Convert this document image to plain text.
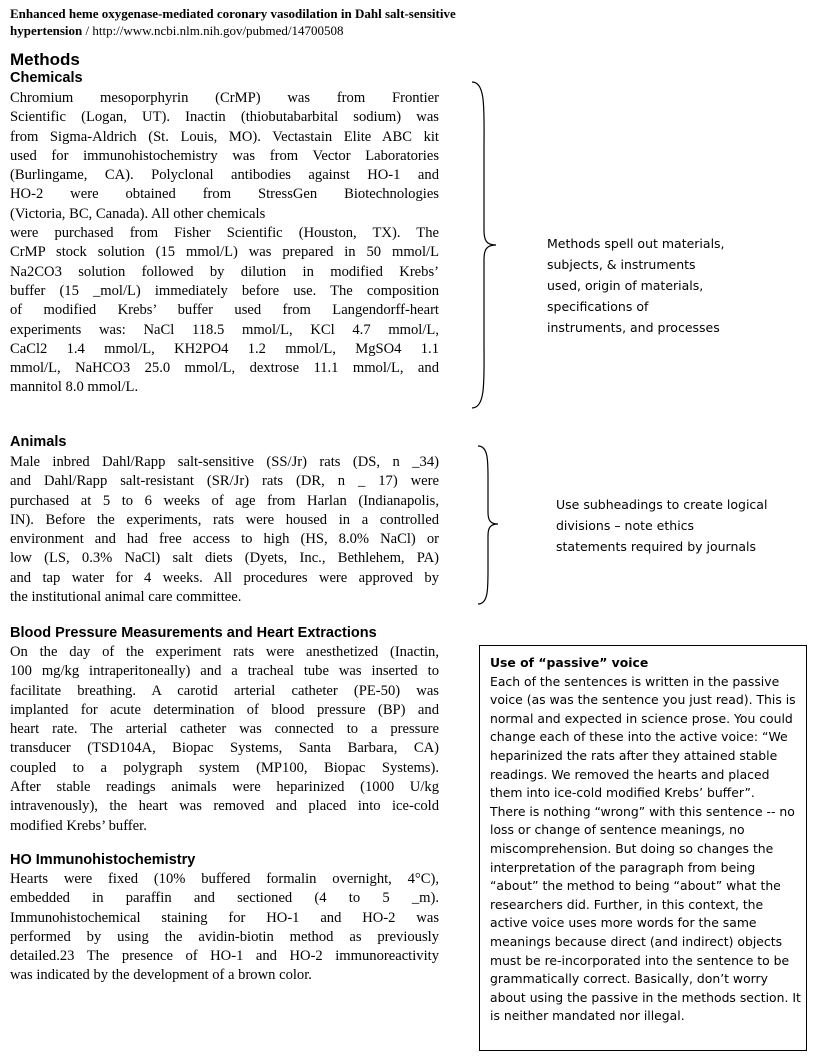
Enhanced heme oxygenase-mediated coronary vasodilation in Dahl salt-sensitive
hypertension / http://www.ncbi.nlm.nih.gov/pubmed/14700508
Methods
Chemicals
Chromium mesoporphyrin (CrMP) was from Frontier
Scientific (Logan, UT). Inactin (thiobutabarbital sodium) was
from Sigma-Aldrich (St. Louis, MO). Vectastain Elite ABC kit
used for immunohistochemistry was from Vector Laboratories
(Burlingame, CA). Polyclonal antibodies against HO-1 and
HO-2 were obtained from StressGen Biotechnologies
(Victoria, BC, Canada). All other chemicals
were purchased from Fisher Scientific (Houston, TX). The
CrMP stock solution (15 mmol/L) was prepared in 50 mmol/L
Na2CO3 solution followed by dilution in modified Krebs’
buffer (15 _mol/L) immediately before use. The composition
of modified Krebs’ buffer used from Langendorff-heart
experiments was: NaCl 118.5 mmol/L, KCl 4.7 mmol/L,
CaCl2 1.4 mmol/L, KH2PO4 1.2 mmol/L, MgSO4 1.1
mmol/L, NaHCO3 25.0 mmol/L, dextrose 11.1 mmol/L, and
mannitol 8.0 mmol/L.
Methods spell out materials,
subjects, & instruments
used, origin of materials,
specifications of
instruments, and processes
Animals
Male inbred Dahl/Rapp salt-sensitive (SS/Jr) rats (DS, n _34)
and Dahl/Rapp salt-resistant (SR/Jr) rats (DR, n _ 17) were
purchased at 5 to 6 weeks of age from Harlan (Indianapolis,
IN). Before the experiments, rats were housed in a controlled
environment and had free access to high (HS, 8.0% NaCl) or
low (LS, 0.3% NaCl) salt diets (Dyets, Inc., Bethlehem, PA)
and tap water for 4 weeks. All procedures were approved by
the institutional animal care committee.
Use subheadings to create logical
divisions – note ethics
statements required by journals
Blood Pressure Measurements and Heart Extractions
On the day of the experiment rats were anesthetized (Inactin,
100 mg/kg intraperitoneally) and a tracheal tube was inserted to
facilitate breathing. A carotid arterial catheter (PE-50) was
implanted for acute determination of blood pressure (BP) and
heart rate. The arterial catheter was connected to a pressure
transducer (TSD104A, Biopac Systems, Santa Barbara, CA)
coupled to a polygraph system (MP100, Biopac Systems).
After stable readings animals were heparinized (1000 U/kg
intravenously), the heart was removed and placed into ice-cold
modified Krebs’ buffer.
HO Immunohistochemistry
Hearts were fixed (10% buffered formalin overnight, 4°C),
embedded in paraffin and sectioned (4 to 5 _m).
Immunohistochemical staining for HO-1 and HO-2 was
performed by using the avidin-biotin method as previously
detailed.23 The presence of HO-1 and HO-2 immunoreactivity
was indicated by the development of a brown color.
Use of “passive” voice
Each of the sentences is written in the passive
voice (as was the sentence you just read). This is
normal and expected in science prose. You could
change each of these into the active voice: “We
heparinized the rats after they attained stable
readings. We removed the hearts and placed
them into ice-cold modified Krebs’ buffer”.
There is nothing “wrong” with this sentence -- no
loss or change of sentence meanings, no
miscomprehension. But doing so changes the
interpretation of the paragraph from being
“about” the method to being “about” what the
researchers did. Further, in this context, the
active voice uses more words for the same
meanings because direct (and indirect) objects
must be re-incorporated into the sentence to be
grammatically correct. Basically, don’t worry
about using the passive in the methods section. It
is neither mandated nor illegal.
